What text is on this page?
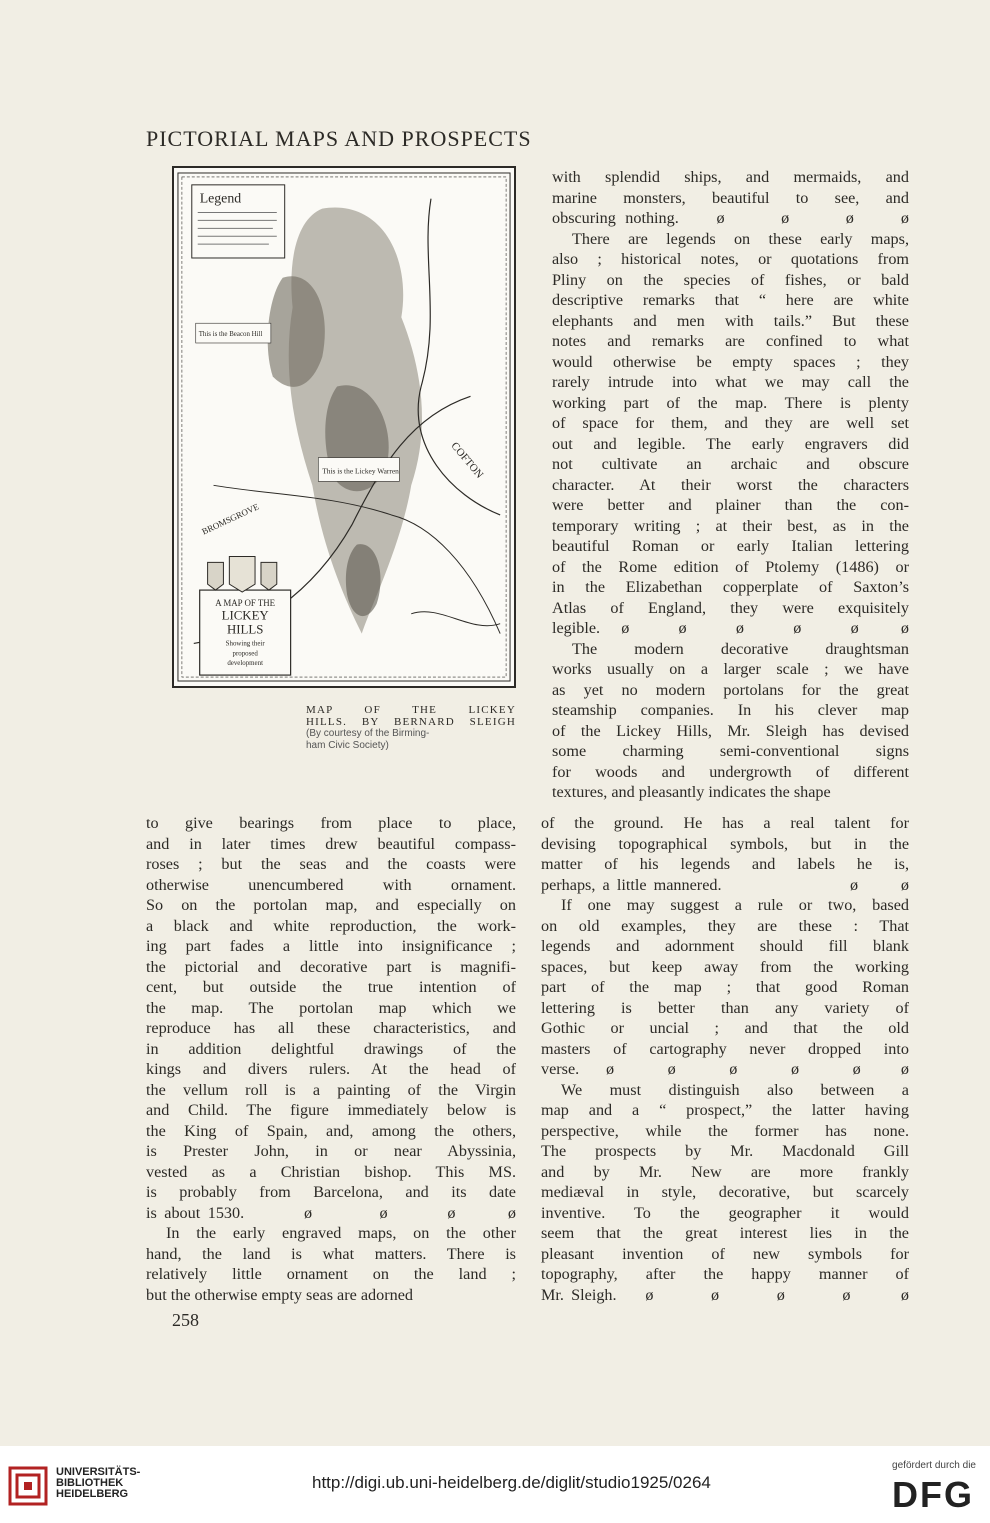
PICTORIAL MAPS AND PROSPECTS
Legend
COFTON
BROMSGROVE
This is the Lickey Warren
This is the Beacon Hill
A MAP OF THE
LICKEY
HILLS
Showing their
proposed
development
MAP OF THE LICKEY
HILLS. BY BERNARD SLEIGH
(By courtesy of the Birming-
ham Civic Society)
with splendid ships, and mermaids, and
marine monsters, beautiful to see, and
obscuring nothing.    ø      ø      ø     ø
There are legends on these early maps,
also ; historical notes, or quotations from
Pliny on the species of fishes, or bald
descriptive remarks that “ here are white
elephants and men with tails.” But these
notes and remarks are confined to what
would otherwise be empty spaces ; they
rarely intrude into what we may call the
working part of the map. There is plenty
of space for them, and they are well set
out and legible. The early engravers did
not cultivate an archaic and obscure
character. At their worst the characters
were better and plainer than the con-
temporary writing ; at their best, as in the
beautiful Roman or early Italian lettering
of the Rome edition of Ptolemy (1486) or
in the Elizabethan copperplate of Saxton’s
Atlas of England, they were exquisitely
legible.   ø       ø       ø       ø       ø      ø
The modern decorative draughtsman
works usually on a larger scale ; we have
as yet no modern portolans for the great
steamship companies. In his clever map
of the Lickey Hills, Mr. Sleigh has devised
some charming semi-conventional signs
for woods and undergrowth of different
textures, and pleasantly indicates the shape
to give bearings from place to place,
and in later times drew beautiful compass-
roses ; but the seas and the coasts were
otherwise unencumbered with ornament.
So on the portolan map, and especially on
a black and white reproduction, the work-
ing part fades a little into insignificance ;
the pictorial and decorative part is magnifi-
cent, but outside the true intention of
the map. The portolan map which we
reproduce has all these characteristics, and
in addition delightful drawings of the
kings and divers rulers. At the head of
the vellum roll is a painting of the Virgin
and Child. The figure immediately below is
the King of Spain, and, among the others,
is Prester John, in or near Abyssinia,
vested as a Christian bishop. This MS.
is probably from Barcelona, and its date
is about 1530.        ø         ø        ø       ø
In the early engraved maps, on the other
hand, the land is what matters. There is
relatively little ornament on the land ;
but the otherwise empty seas are adorned
of the ground. He has a real talent for
devising topographical symbols, but in the
matter of his legends and labels he is,
perhaps, a little mannered.                  ø      ø
If one may suggest a rule or two, based
on old examples, they are these : That
legends and adornment should fill blank
spaces, but keep away from the working
part of the map ; that good Roman
lettering is better than any variety of
Gothic or uncial ; and that the old
masters of cartography never dropped into
verse.    ø        ø        ø        ø        ø      ø
We must distinguish also between a
map and a “ prospect,” the latter having
perspective, while the former has none.
The prospects by Mr. Macdonald Gill
and by Mr. New are more frankly
mediæval in style, decorative, but scarcely
inventive. To the geographer it would
seem that the great interest lies in the
pleasant invention of new symbols for
topography, after the happy manner of
Mr. Sleigh.    ø        ø        ø        ø       ø
258
UNIVERSITÄTS-
BIBLIOTHEK
HEIDELBERG
http://digi.ub.uni-heidelberg.de/diglit/studio1925/0264
gefördert durch die
DFG
